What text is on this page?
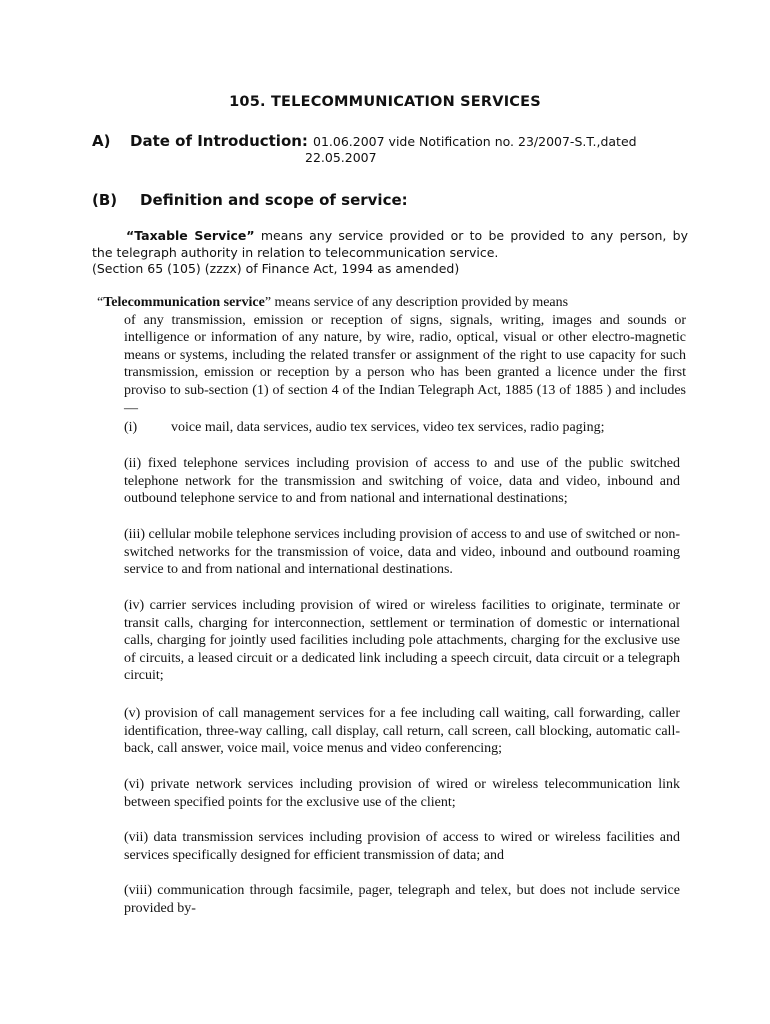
105. TELECOMMUNICATION SERVICES
A) Date of Introduction: 01.06.2007 vide Notification no. 23/2007-S.T.,dated
22.05.2007
(B) Definition and scope of service:
“Taxable Service” means any service provided or to be provided to any person, by
the telegraph authority in relation to telecommunication service.
(Section 65 (105) (zzzx) of Finance Act, 1994 as amended)
“Telecommunication service” means service of any description provided by means
of any transmission, emission or reception of signs, signals, writing, images and sounds or intelligence or information of any nature, by wire, radio, optical, visual or other electro-magnetic means or systems, including the related transfer or assignment of the right to use capacity for such transmission, emission or reception by a person who has been granted a licence under the first proviso to sub-section (1) of section 4 of the Indian Telegraph Act, 1885 (13 of 1885 ) and includes—
(i) voice mail, data services, audio tex services, video tex services, radio paging;
(ii) fixed telephone services including provision of access to and use of the public switched telephone network for the transmission and switching of voice, data and video, inbound and outbound telephone service to and from national and international destinations;
(iii) cellular mobile telephone services including provision of access to and use of switched or non-switched networks for the transmission of voice, data and video, inbound and outbound roaming service to and from national and international destinations.
(iv) carrier services including provision of wired or wireless facilities to originate, terminate or transit calls, charging for interconnection, settlement or termination of domestic or international calls, charging for jointly used facilities including pole attachments, charging for the exclusive use of circuits, a leased circuit or a dedicated link including a speech circuit, data circuit or a telegraph circuit;
(v) provision of call management services for a fee including call waiting, call forwarding, caller identification, three-way calling, call display, call return, call screen, call blocking, automatic call-back, call answer, voice mail, voice menus and video conferencing;
(vi) private network services including provision of wired or wireless telecommunication link between specified points for the exclusive use of the client;
(vii) data transmission services including provision of access to wired or wireless facilities and services specifically designed for efficient transmission of data; and
(viii) communication through facsimile, pager, telegraph and telex, but does not include service provided by-
